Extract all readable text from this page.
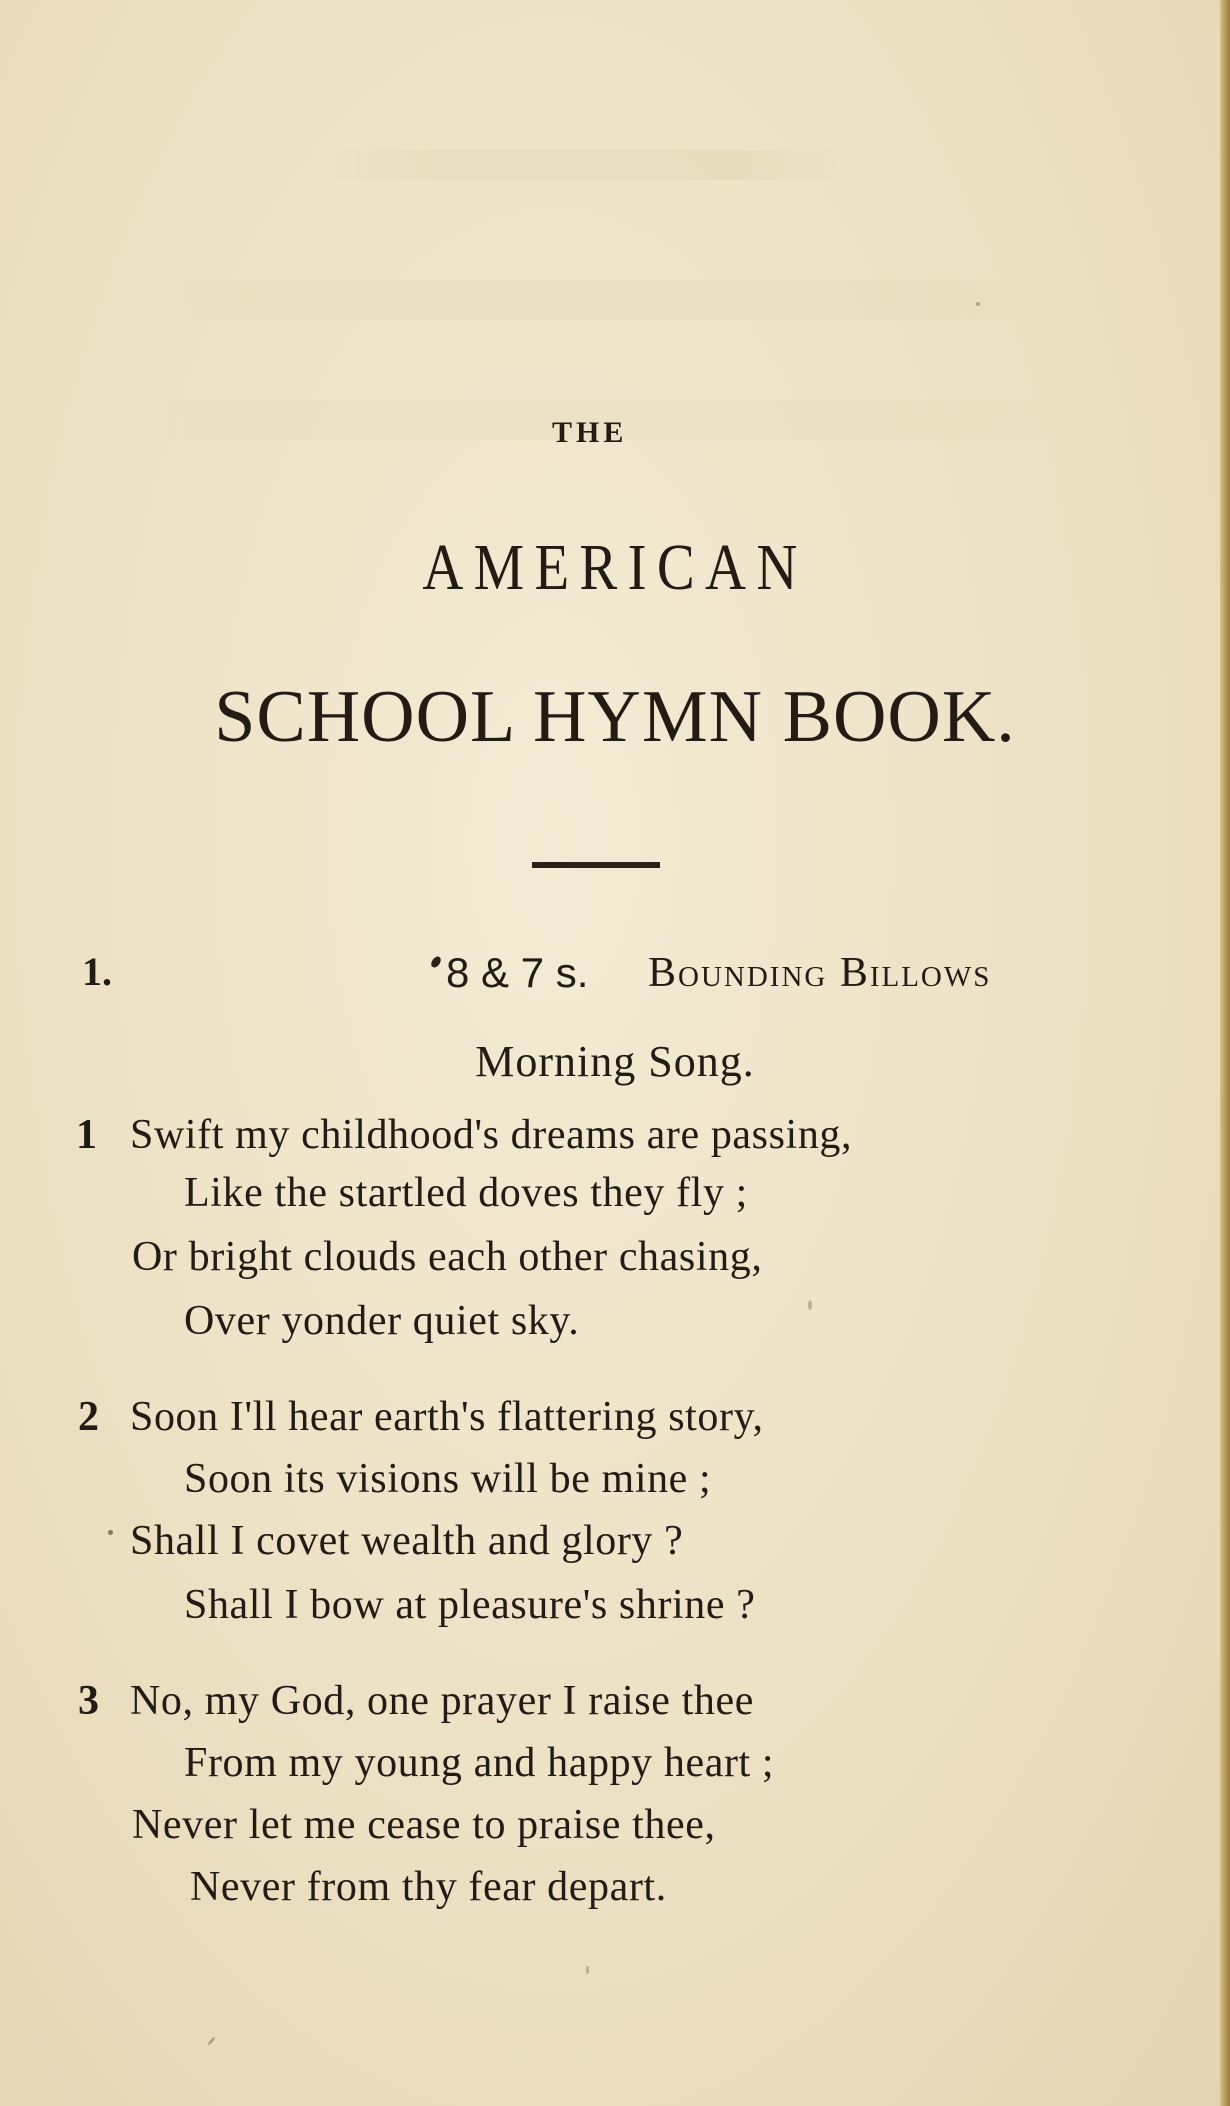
THE
AMERICAN
SCHOOL HYMN BOOK.
1.	8 & 7 s. Bounding Billows
Morning Song.
1 Swift my childhood's dreams are passing,
Like the startled doves they fly ;
Or bright clouds each other chasing,
Over yonder quiet sky.
2 Soon I'll hear earth's flattering story,
Soon its visions will be mine ;
Shall I covet wealth and glory ?
Shall I bow at pleasure's shrine ?
3 No, my God, one prayer I raise thee
From my young and happy heart ;
Never let me cease to praise thee,
Never from thy fear depart.
